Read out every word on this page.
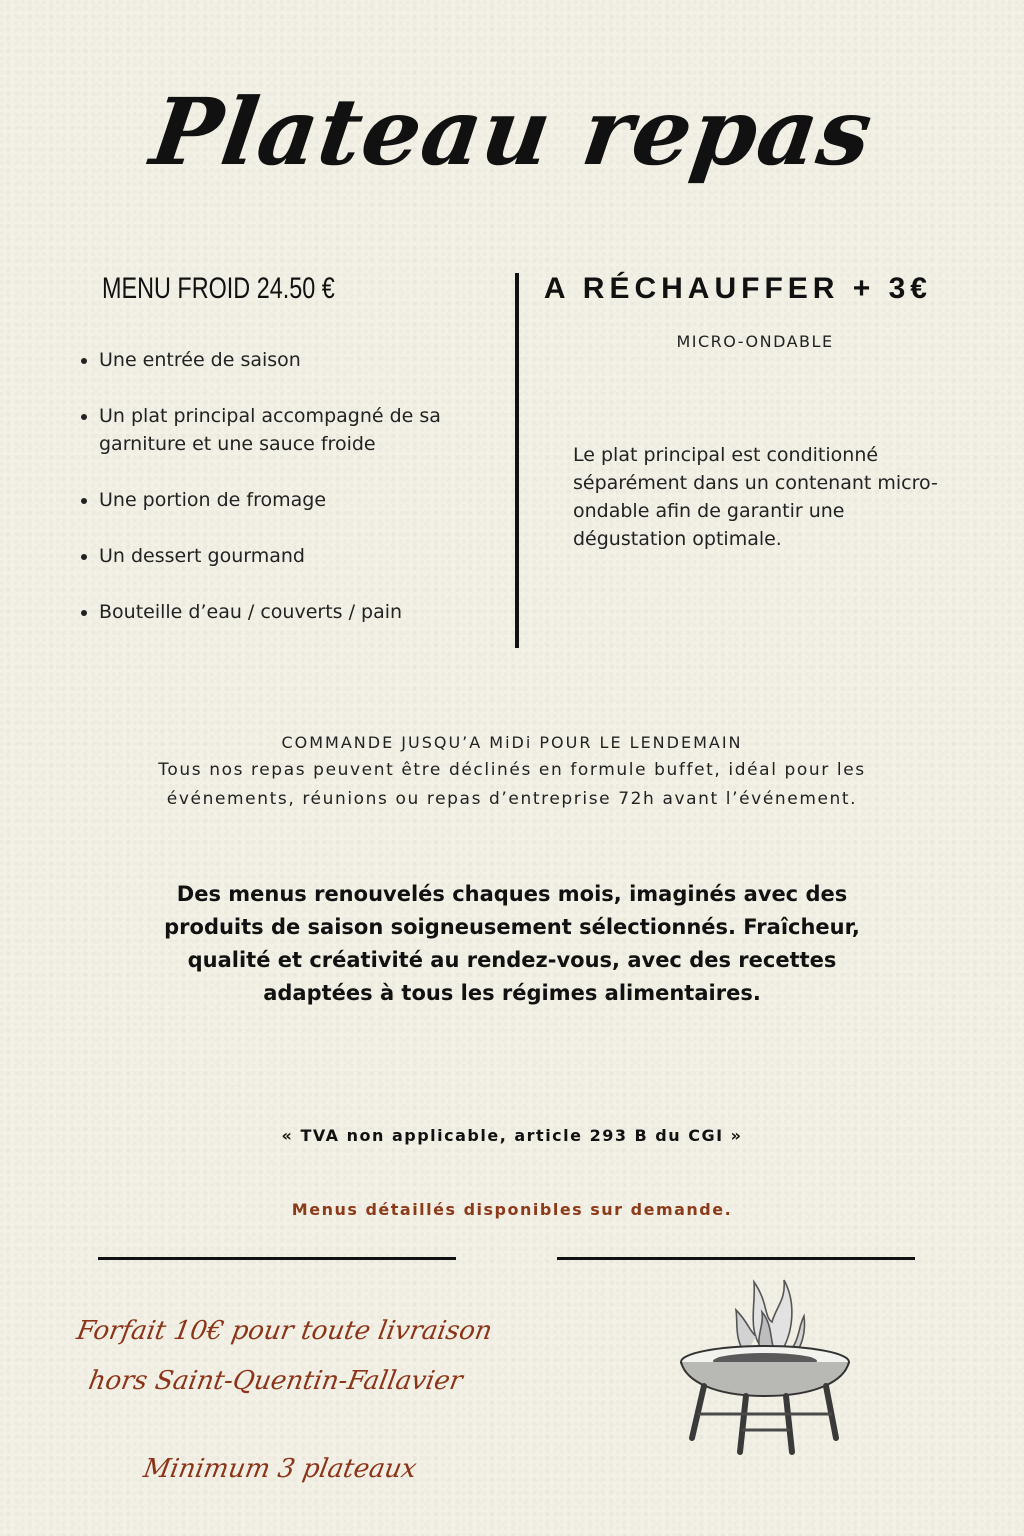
Plateau repas
MENU FROID 24.50 €
• Une entrée de saison
• Un plat principal accompagné de sa garniture et une sauce froide
• Une portion de fromage
• Un dessert gourmand
• Bouteille d’eau / couverts / pain
A RÉCHAUFFER + 3€
MICRO-ONDABLE
Le plat principal est conditionné séparément dans un contenant micro-ondable afin de garantir une dégustation optimale.
COMMANDE JUSQU’A MiDi POUR LE LENDEMAIN
Tous nos repas peuvent être déclinés en formule buffet, idéal pour les événements, réunions ou repas d’entreprise 72h avant l’événement.
Des menus renouvelés chaques mois, imaginés avec des produits de saison soigneusement sélectionnés. Fraîcheur, qualité et créativité au rendez-vous, avec des recettes adaptées à tous les régimes alimentaires.
« TVA non applicable, article 293 B du CGI »
Menus détaillés disponibles sur demande.
Forfait 10€ pour toute livraison hors Saint-Quentin-Fallavier
Minimum 3 plateaux
